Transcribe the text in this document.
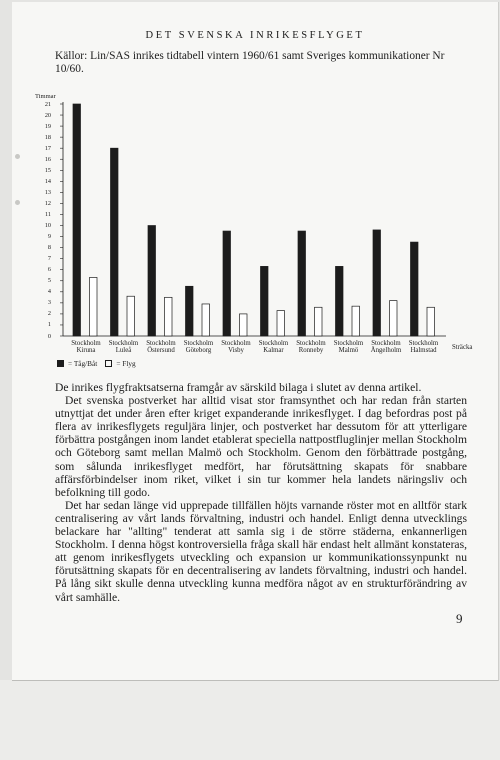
DET SVENSKA INRIKESFLYGET
Källor: Lin/SAS inrikes tidtabell vintern 1960/61 samt Sveriges kommunikationer Nr 10/60.
Timmar
0
1
2
3
4
5
6
7
8
9
10
11
12
13
14
15
16
17
18
19
20
21
Stockholm
Kiruna
Stockholm
Luleå
Stockholm
Östersund
Stockholm
Göteborg
Stockholm
Visby
Stockholm
Kalmar
Stockholm
Ronneby
Stockholm
Malmö
Stockholm
Ängelholm
Stockholm
Halmstad	Sträcka
= Tåg/Båt	= Flyg

De inrikes flygfraktsatserna framgår av särskild bilaga i slutet av denna artikel.

Det svenska postverket har alltid visat stor framsynthet och har redan från starten utnyttjat det under åren efter kriget expanderande inrikesflyget. I dag befordras post på flera av inrikesflygets reguljära linjer, och postverket har dessutom för att ytterligare förbättra postgången inom landet etablerat speciella nattpostfluglinjer mellan Stockholm och Göteborg samt mellan Malmö och Stockholm. Genom den förbättrade postgång, som sålunda inrikesflyget medfört, har förutsättning skapats för snabbare affärsförbindelser inom riket, vilket i sin tur kommer hela landets näringsliv och befolkning till godo.

Det har sedan länge vid upprepade tillfällen höjts varnande röster mot en alltför stark centralisering av vårt lands förvaltning, industri och handel. Enligt denna utvecklings belackare har "allting" tenderat att samla sig i de större städerna, enkannerligen Stockholm. I denna högst kontroversiella fråga skall här endast helt allmänt konstateras, att genom inrikesflygets utveckling och expansion ur kommunikationssynpunkt nu förutsättning skapats för en decentralisering av landets förvaltning, industri och handel. På lång sikt skulle denna utveckling kunna medföra något av en strukturförändring av vårt samhälle.

9
